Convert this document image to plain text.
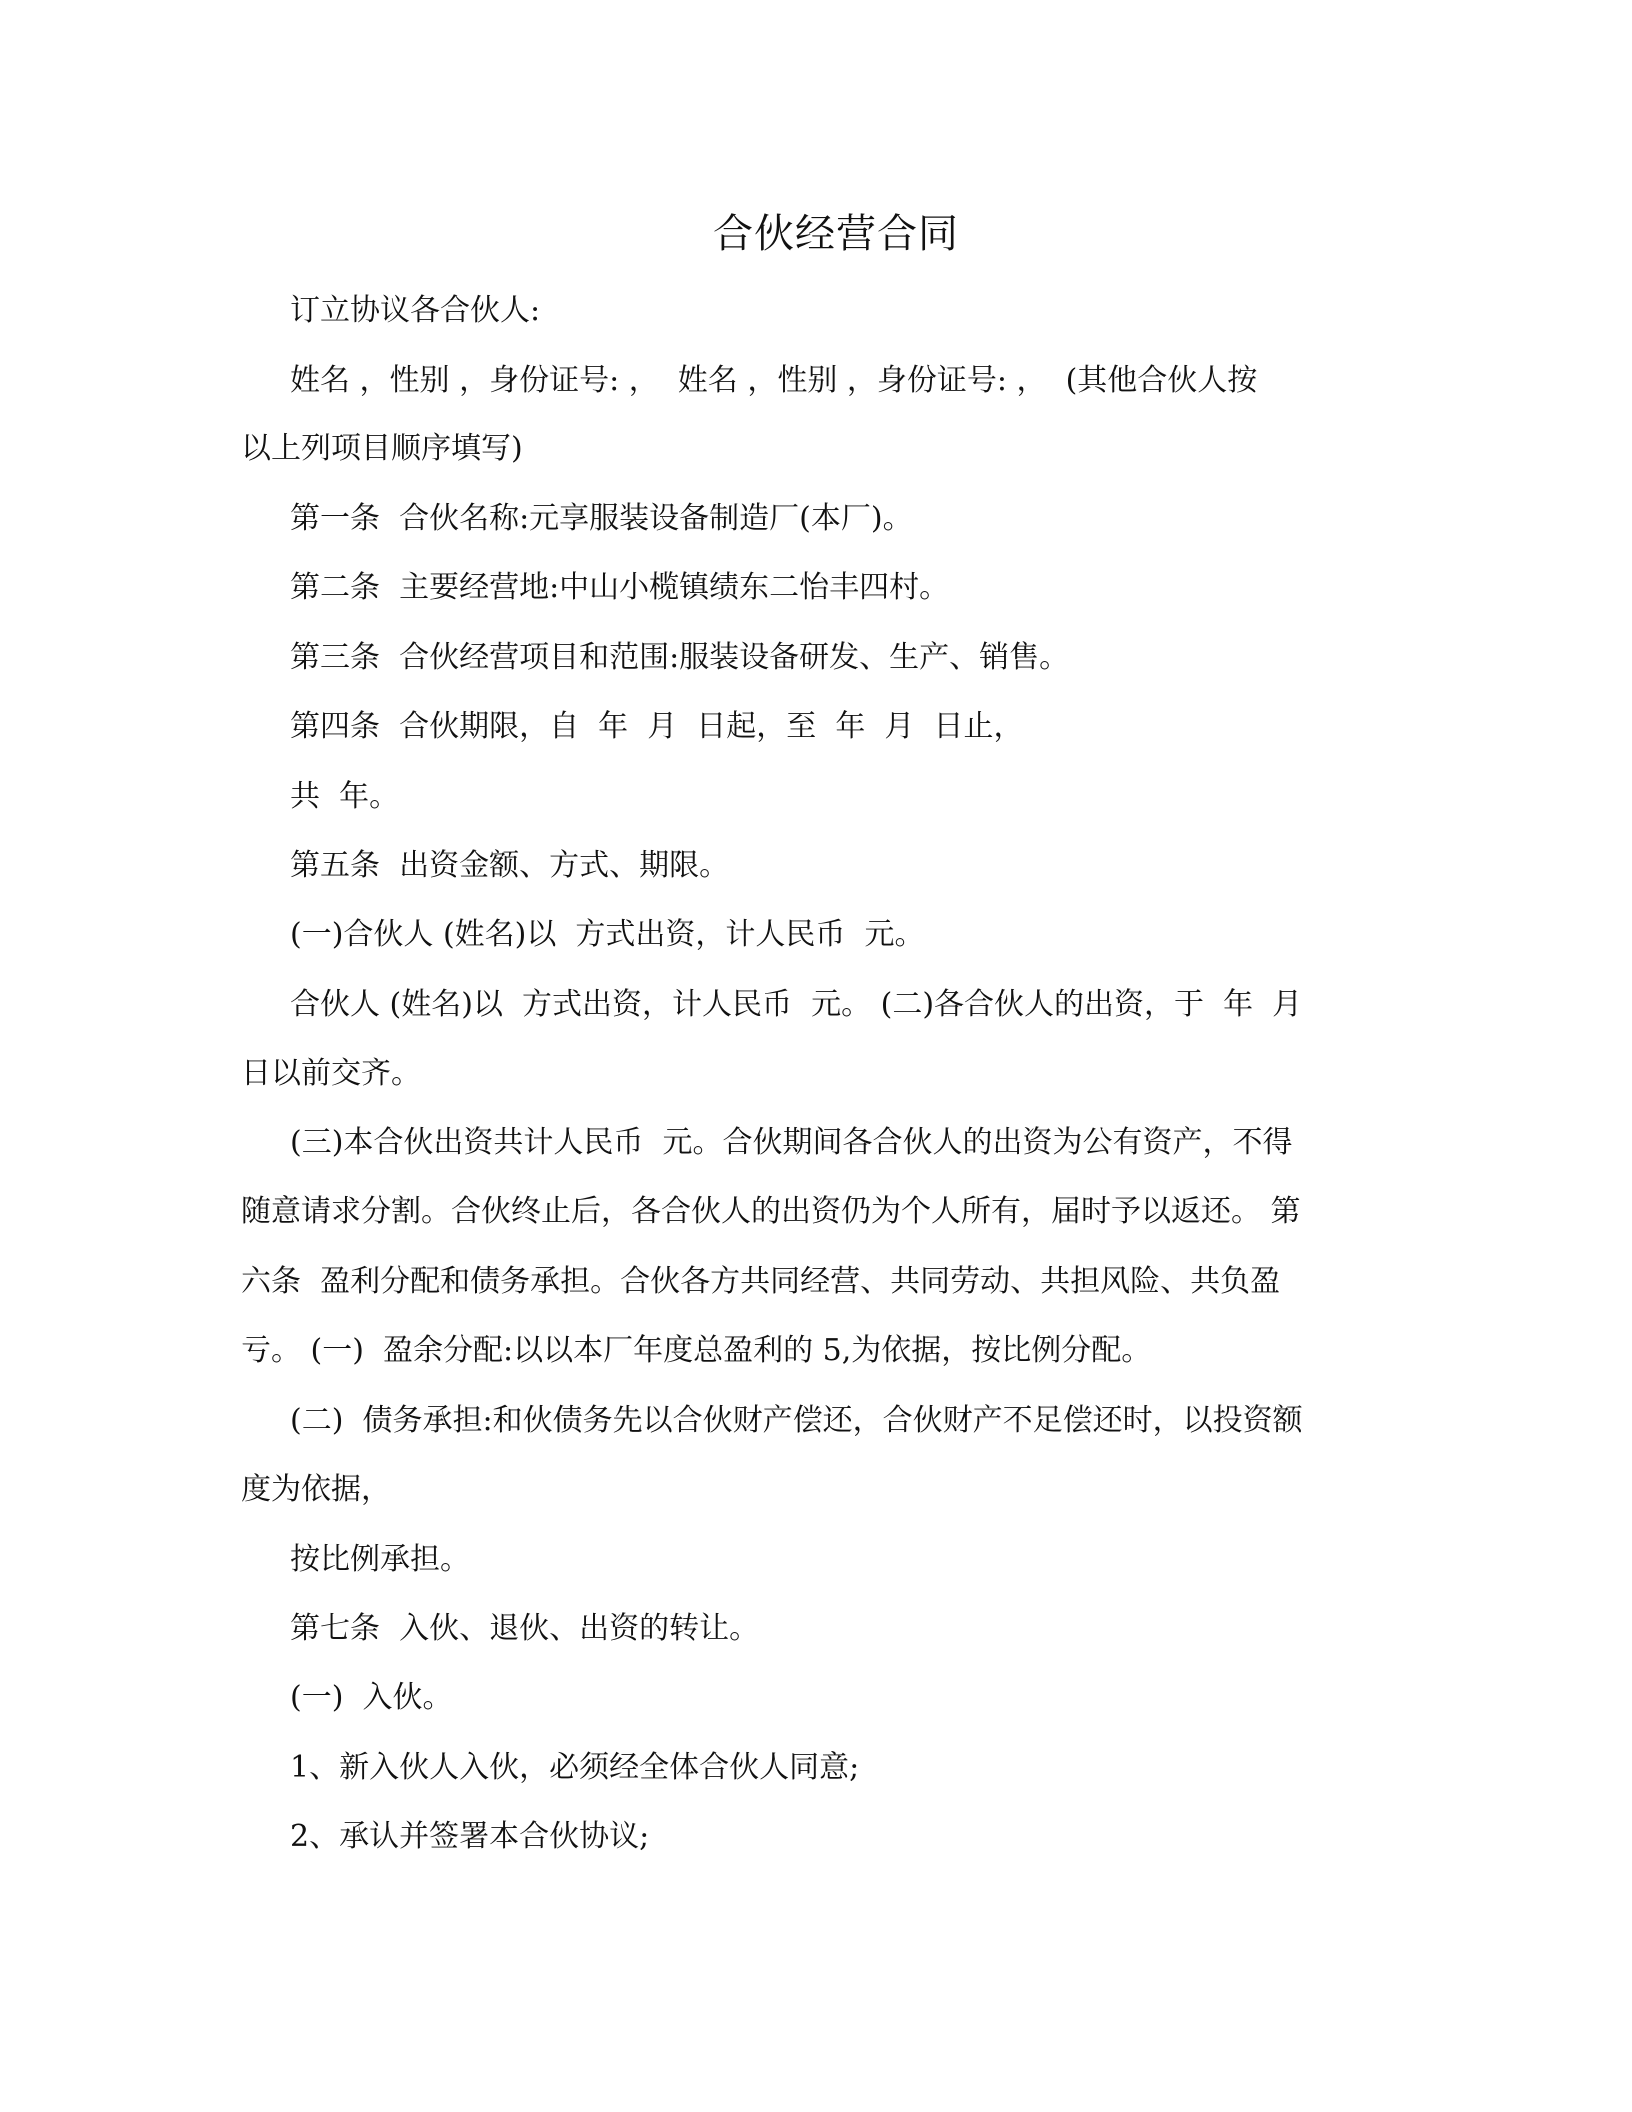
合伙经营合同
订立协议各合伙人:
姓名 ，性别 ，身份证号: ，  姓名 ，性别 ，身份证号: ，  (其他合伙人按
以上列项目顺序填写)
第一条  合伙名称:元享服装设备制造厂(本厂)。
第二条  主要经营地:中山小榄镇绩东二怡丰四村。
第三条  合伙经营项目和范围:服装设备研发、生产、销售。
第四条  合伙期限，自  年  月  日起，至  年  月  日止，
共  年。
第五条  出资金额、方式、期限。
(一)合伙人 (姓名)以  方式出资，计人民币  元。
合伙人 (姓名)以  方式出资，计人民币  元。 (二)各合伙人的出资，于  年  月
日以前交齐。
(三)本合伙出资共计人民币  元。合伙期间各合伙人的出资为公有资产，不得
随意请求分割。合伙终止后，各合伙人的出资仍为个人所有，届时予以返还。 第
六条  盈利分配和债务承担。合伙各方共同经营、共同劳动、共担风险、共负盈
亏。 (一)  盈余分配:以以本厂年度总盈利的 5,为依据，按比例分配。
(二)  债务承担:和伙债务先以合伙财产偿还，合伙财产不足偿还时，以投资额
度为依据，
按比例承担。
第七条  入伙、退伙、出资的转让。
(一)  入伙。
1、新入伙人入伙，必须经全体合伙人同意;
2、承认并签署本合伙协议;
